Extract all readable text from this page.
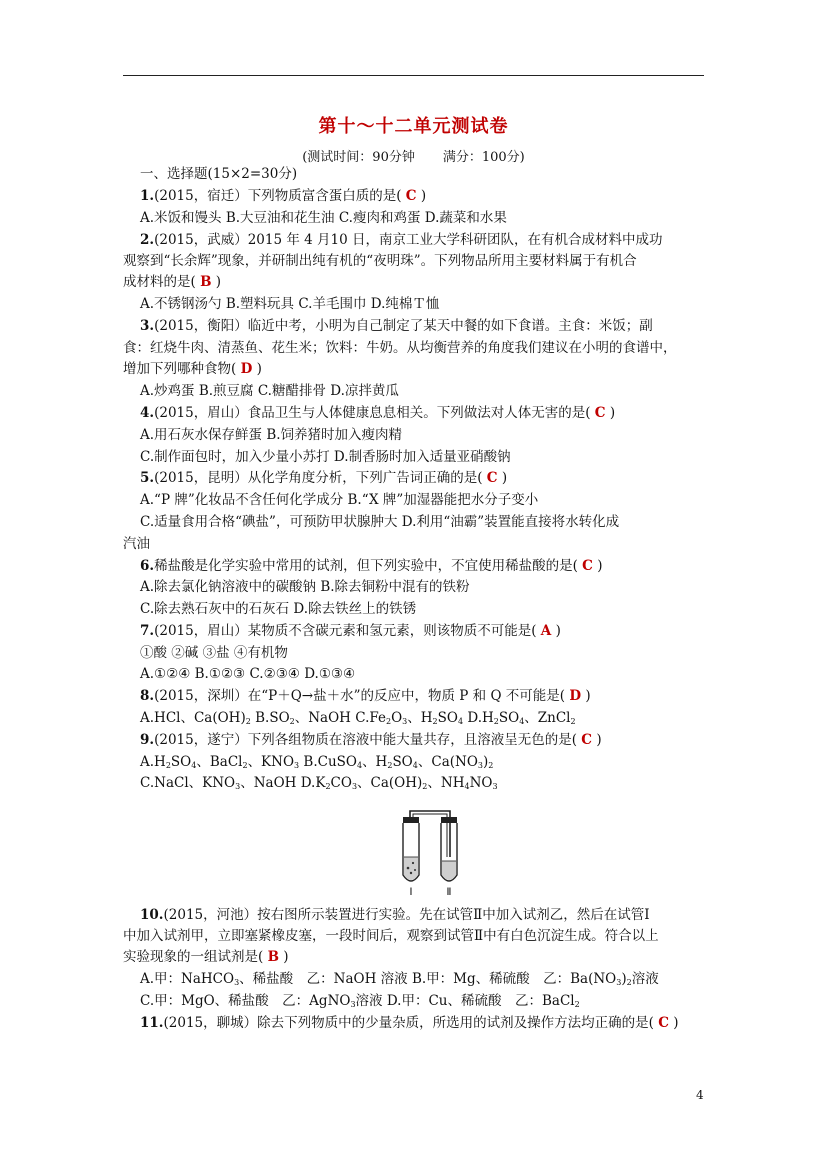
第十～十二单元测试卷
(测试时间：90分钟 满分：100分)
一、选择题(15×2=30分)
1.(2015，宿迁）下列物质富含蛋白质的是( C )
A.米饭和馒头 B.大豆油和花生油 C.瘦肉和鸡蛋 D.蔬菜和水果
2.(2015，武威）2015 年 4 月10 日，南京工业大学科研团队，在有机合成材料中成功
观察到“长余辉”现象，并研制出纯有机的“夜明珠”。下列物品所用主要材料属于有机合
成材料的是( B )
A.不锈钢汤勺 B.塑料玩具 C.羊毛围巾 D.纯棉Ｔ恤
3.(2015，衡阳）临近中考，小明为自己制定了某天中餐的如下食谱。主食：米饭；副
食：红烧牛肉、清蒸鱼、花生米；饮料：牛奶。从均衡营养的角度我们建议在小明的食谱中，
增加下列哪种食物( D )
A.炒鸡蛋 B.煎豆腐 C.糖醋排骨 D.凉拌黄瓜
4.(2015，眉山）食品卫生与人体健康息息相关。下列做法对人体无害的是( C )
A.用石灰水保存鲜蛋 B.饲养猪时加入瘦肉精
C.制作面包时，加入少量小苏打 D.制香肠时加入适量亚硝酸钠
5.(2015，昆明）从化学角度分析，下列广告词正确的是( C )
A.“P 牌”化妆品不含任何化学成分 B.“X 牌”加湿器能把水分子变小
C.适量食用合格“碘盐”，可预防甲状腺肿大 D.利用“油霸”装置能直接将水转化成
汽油
6.稀盐酸是化学实验中常用的试剂，但下列实验中，不宜使用稀盐酸的是( C )
A.除去氯化钠溶液中的碳酸钠 B.除去铜粉中混有的铁粉
C.除去熟石灰中的石灰石 D.除去铁丝上的铁锈
7.(2015，眉山）某物质不含碳元素和氢元素，则该物质不可能是( A )
①酸 ②碱 ③盐 ④有机物
A.①②④ B.①②③ C.②③④ D.①③④
8.(2015，深圳）在“P＋Q→盐＋水”的反应中，物质 P 和 Q 不可能是( D )
A.HCl、$Ca(OH)_2$ $B.SO_2$、NaOH $C.Fe_2O_3$、$H_2SO_4$ $D.H_2SO_4$、ZnCl$_2$
9.(2015，遂宁）下列各组物质在溶液中能大量共存，且溶液呈无色的是( C )
$A.H_2SO_4$、BaCl$_2$、$KNO_3$ B.CuSO$_4$、$H_2SO_4$、$Ca(NO_3)_2$
C.NaCl、$KNO_3$、NaOH $D.K_2CO_3$、$Ca(OH)_2$、$NH_4NO_3$
Ⅰ	Ⅱ
10.(2015，河池）按右图所示装置进行实验。先在试管Ⅱ中加入试剂乙，然后在试管Ⅰ
中加入试剂甲，立即塞紧橡皮塞，一段时间后，观察到试管Ⅱ中有白色沉淀生成。符合以上
实验现象的一组试剂是( B )
A.甲：NaHCO$_3$、稀盐酸　乙：NaOH 溶液 B.甲：Mg、稀硫酸　乙：$Ba(NO_3)_2$溶液
C.甲：MgO、稀盐酸　乙：AgNO$_3$溶液 D.甲：Cu、稀硫酸　乙：BaCl$_2$
11.(2015，聊城）除去下列物质中的少量杂质，所选用的试剂及操作方法均正确的是( C )
4
